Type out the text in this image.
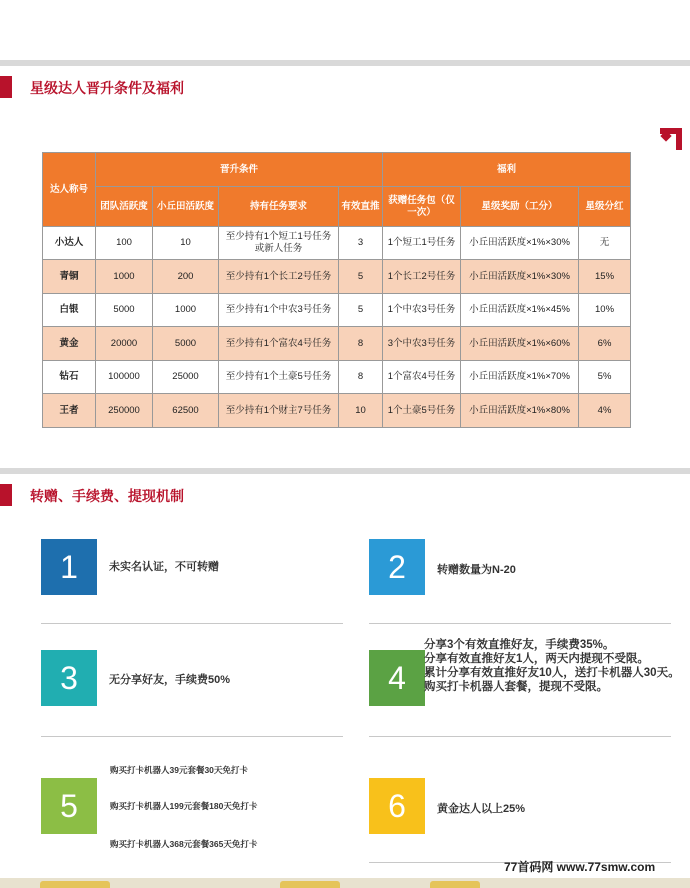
星级达人晋升条件及福利
达人称号	晋升条件				福利		
	团队活跃度	小丘田活跃度	持有任务要求	有效直推	获赠任务包（仅一次）	星级奖励（工分）	星级分红
小达人	100	10	至少持有1个短工1号任务或新人任务	3	1个短工1号任务	小丘田活跃度×1%×30%	无
青铜	1000	200	至少持有1个长工2号任务	5	1个长工2号任务	小丘田活跃度×1%×30%	15%
白银	5000	1000	至少持有1个中农3号任务	5	1个中农3号任务	小丘田活跃度×1%×45%	10%
黄金	20000	5000	至少持有1个富农4号任务	8	3个中农3号任务	小丘田活跃度×1%×60%	6%
钻石	100000	25000	至少持有1个土豪5号任务	8	1个富农4号任务	小丘田活跃度×1%×70%	5%
王者	250000	62500	至少持有1个财主7号任务	10	1个土豪5号任务	小丘田活跃度×1%×80%	4%
转赠、手续费、提现机制
1	未实名认证，不可转赠	2	转赠数量为N-20
3	无分享好友，手续费50%	4
分享3个有效直推好友，手续费35%。
分享有效直推好友1人，两天内提现不受限。
累计分享有效直推好友10人，送打卡机器人30天。
购买打卡机器人套餐，提现不受限。
5
购买打卡机器人39元套餐30天免打卡
购买打卡机器人199元套餐180天免打卡
购买打卡机器人368元套餐365天免打卡
6	黄金达人以上25%
77首码网 www.77smw.com
